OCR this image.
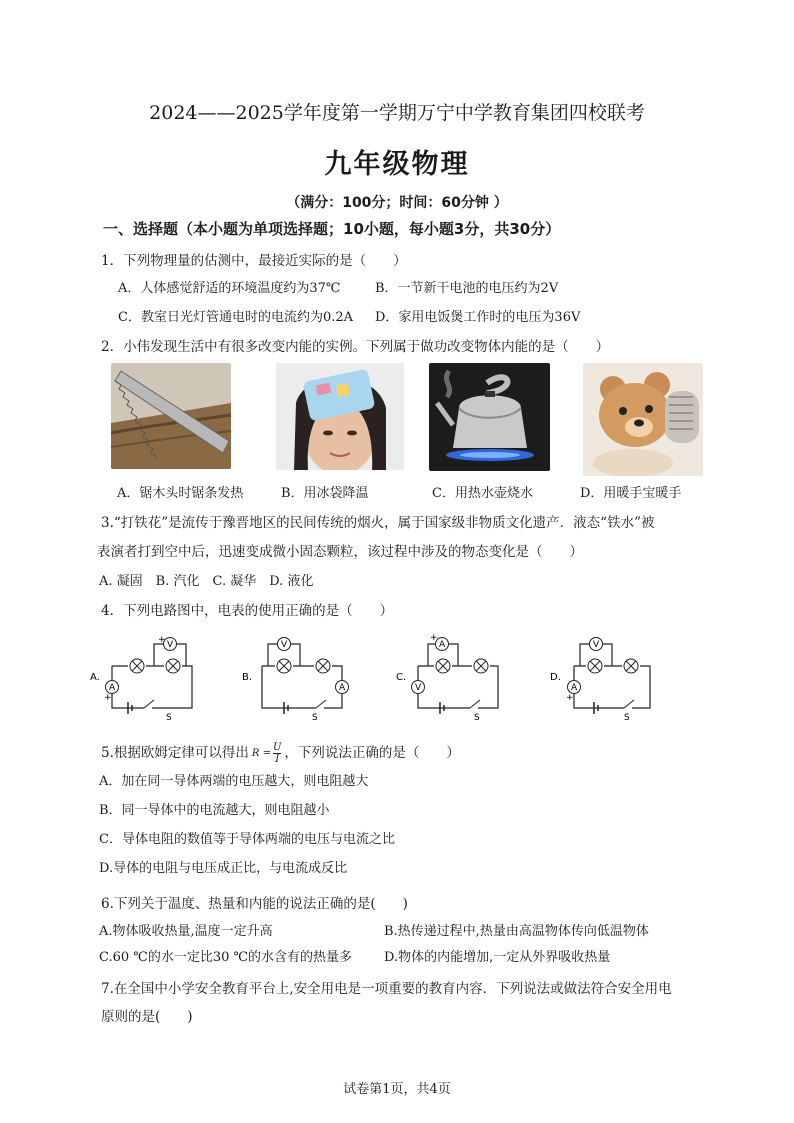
2024——2025学年度第一学期万宁中学教育集团四校联考
九年级物理
（满分：100分；时间：60分钟 ）
一、选择题（本小题为单项选择题；10小题，每小题3分，共30分）
1．下列物理量的估测中，最接近实际的是（　　）
A．人体感觉舒适的环境温度约为37℃	B．一节新干电池的电压约为2V
C．教室日光灯管通电时的电流约为0.2A D．家用电饭煲工作时的电压为36V
2．小伟发现生活中有很多改变内能的实例。下列属于做功改变物体内能的是（　　）
A．锯木头时锯条发热	B．用冰袋降温	C．用热水壶烧水	D．用暖手宝暖手
3.“打铁花”是流传于豫晋地区的民间传统的烟火，属于国家级非物质文化遗产．液态“铁水”被
表演者打到空中后，迅速变成微小固态颗粒，该过程中涉及的物态变化是（　　）
A. 凝固　B. 汽化　C. 凝华　D. 液化
4．下列电路图中，电表的使用正确的是（　　）
A.
V
A
S
+
+
B.
V
A
S
C.
A
V
S
+
D.
V
A
S
+
5.根据欧姆定律可以得出 $R = \frac{U}{I}$ ，下列说法正确的是（　　）
A．加在同一导体两端的电压越大，则电阻越大
B．同一导体中的电流越大，则电阻越小
C．导体电阻的数值等于导体两端的电压与电流之比
D.导体的电阻与电压成正比，与电流成反比
6.下列关于温度、热量和内能的说法正确的是(　　)
A.物体吸收热量,温度一定升高	B.热传递过程中,热量由高温物体传向低温物体
C.60 ℃的水一定比30 ℃的水含有的热量多 D.物体的内能增加,一定从外界吸收热量
7.在全国中小学安全教育平台上,安全用电是一项重要的教育内容．下列说法或做法符合安全用电
原则的是(　　)
试卷第1页，共4页
